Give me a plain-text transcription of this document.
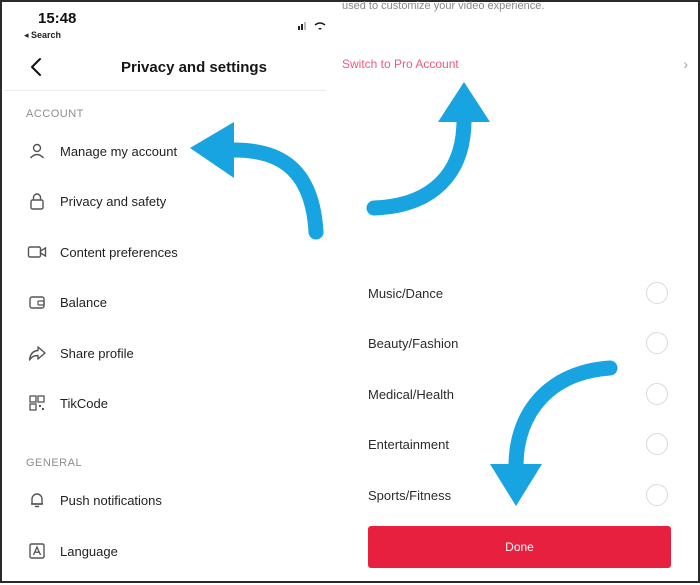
15:48
◂ Search
Privacy and settings
ACCOUNT
Manage my account
Privacy and safety
Content preferences
Balance
Share profile
TikCode
GENERAL
Push notifications
Language
used to customize your video experience.
Switch to Pro Account	›
Music/Dance
Beauty/Fashion
Medical/Health
Entertainment
Sports/Fitness
Done
